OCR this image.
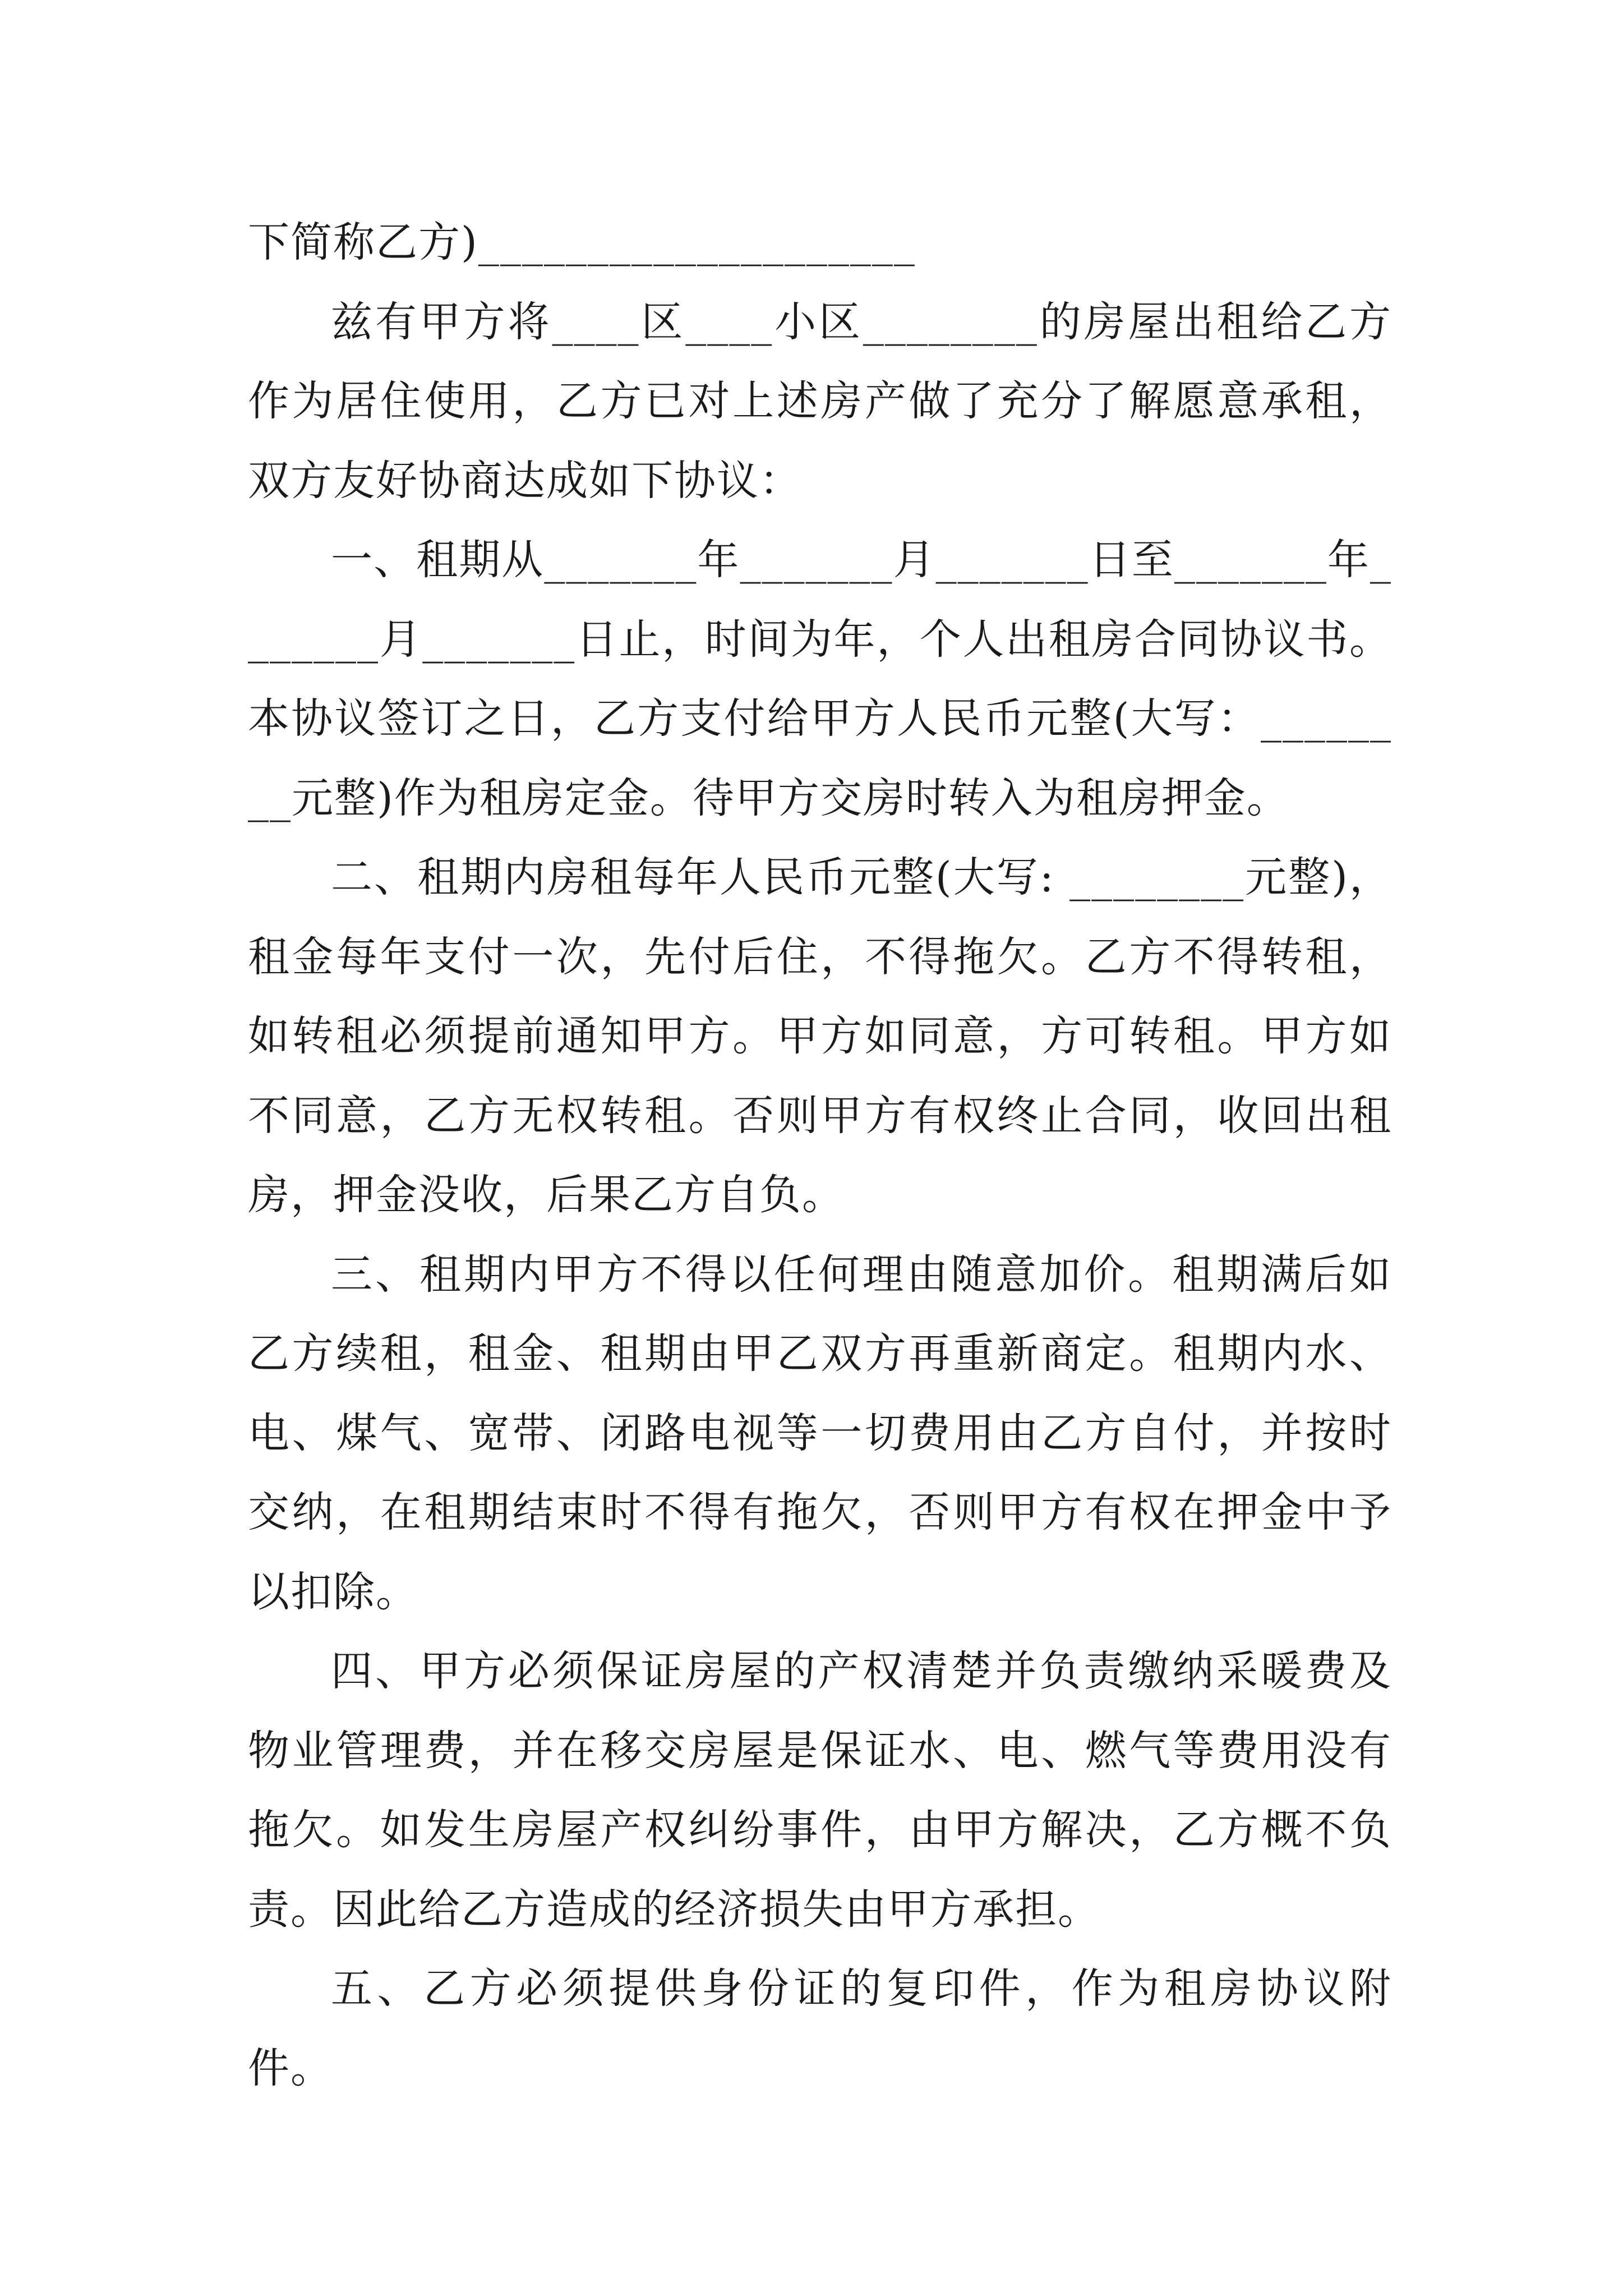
下简称乙方)____________________

兹有甲方将____区____小区________的房屋出租给乙方作为居住使用，乙方已对上述房产做了充分了解愿意承租，双方友好协商达成如下协议：

一、租期从_______年_______月_______日至_______年_______月_______日止，时间为年，个人出租房合同协议书。本协议签订之日，乙方支付给甲方人民币元整(大写：________元整)作为租房定金。待甲方交房时转入为租房押金。

二、租期内房租每年人民币元整(大写: ________元整)，租金每年支付一次，先付后住，不得拖欠。乙方不得转租，如转租必须提前通知甲方。甲方如同意，方可转租。甲方如不同意，乙方无权转租。否则甲方有权终止合同，收回出租房，押金没收，后果乙方自负。

三、租期内甲方不得以任何理由随意加价。租期满后如乙方续租，租金、租期由甲乙双方再重新商定。租期内水、电、煤气、宽带、闭路电视等一切费用由乙方自付，并按时交纳，在租期结束时不得有拖欠，否则甲方有权在押金中予以扣除。

四、甲方必须保证房屋的产权清楚并负责缴纳采暖费及物业管理费，并在移交房屋是保证水、电、燃气等费用没有拖欠。如发生房屋产权纠纷事件，由甲方解决，乙方概不负责。因此给乙方造成的经济损失由甲方承担。

五、乙方必须提供身份证的复印件，作为租房协议附件。
